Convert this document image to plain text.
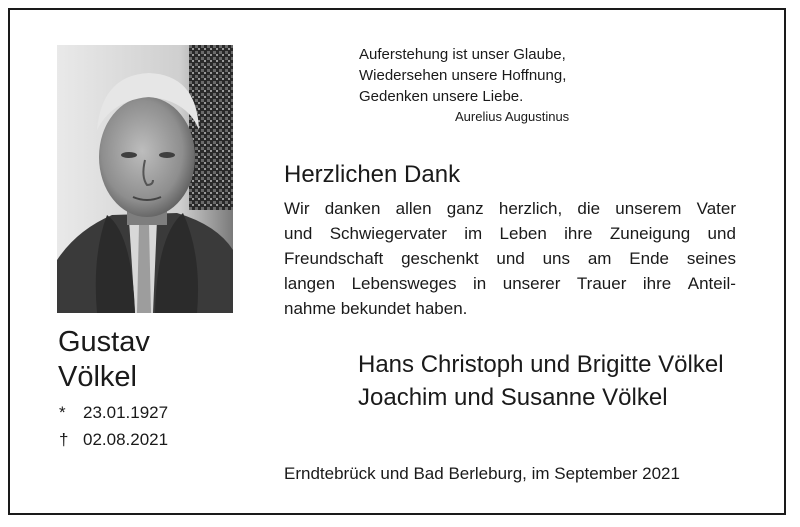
Gustav
Völkel
* 23.01.1927
† 02.08.2021
Auferstehung ist unser Glaube,
Wiedersehen unsere Hoffnung,
Gedenken unsere Liebe.
Aurelius Augustinus
Herzlichen Dank
Wir danken allen ganz herzlich, die unserem Vater
und Schwiegervater im Leben ihre Zuneigung und
Freundschaft geschenkt und uns am Ende seines
langen Lebensweges in unserer Trauer ihre Anteil-
nahme bekundet haben.
Hans Christoph und Brigitte Völkel
Joachim und Susanne Völkel
Erndtebrück und Bad Berleburg, im September 2021
